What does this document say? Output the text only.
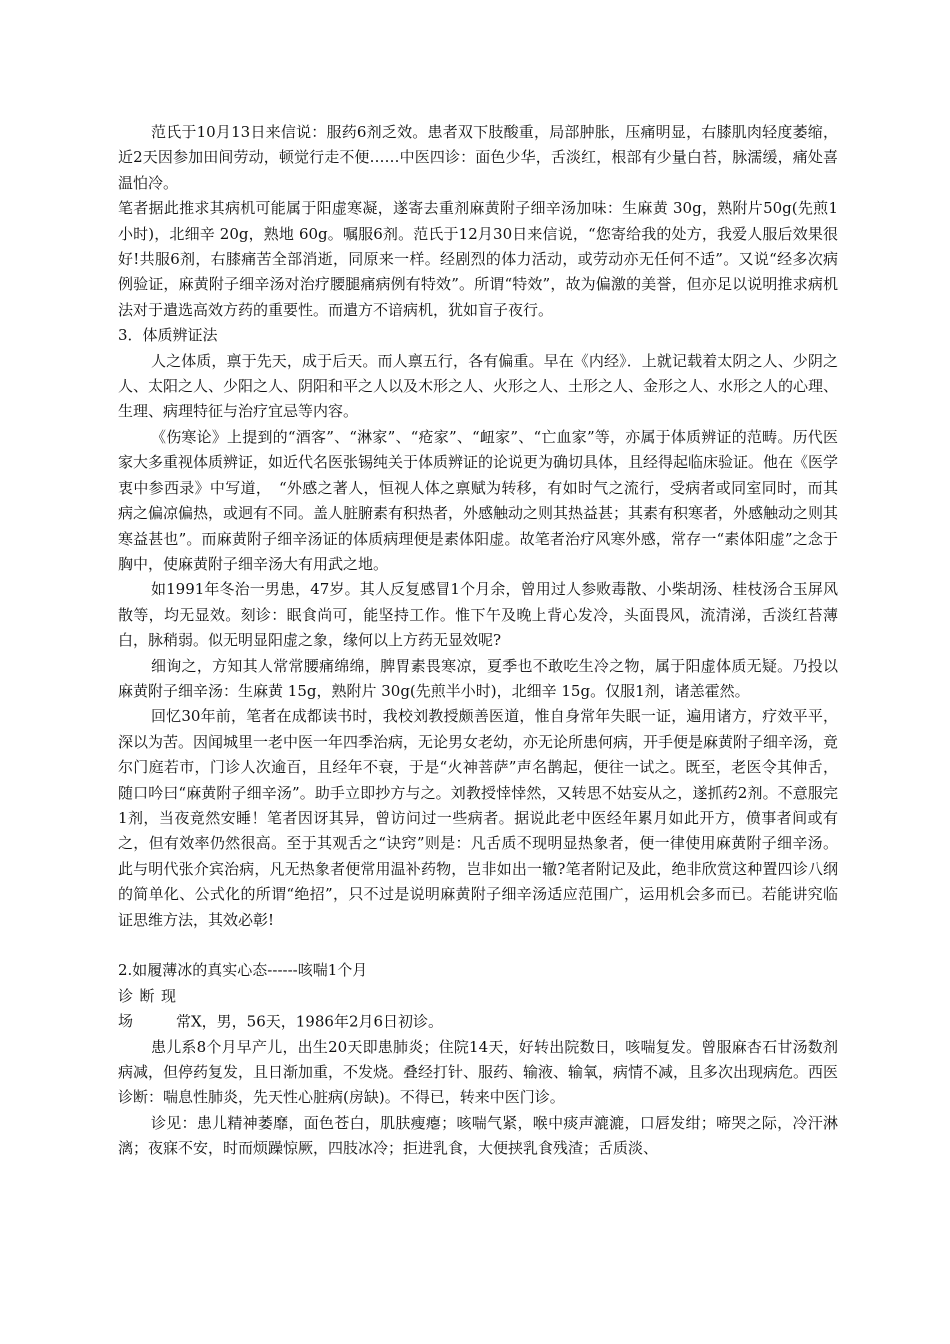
范氏于10月13日来信说：服药6剂乏效。患者双下肢酸重，局部肿胀，压痛明显，右膝肌肉轻度萎缩，近2天因参加田间劳动，顿觉行走不便……中医四诊：面色少华，舌淡红，根部有少量白苔，脉濡缓，痛处喜温怕冷。

笔者据此推求其病机可能属于阳虚寒凝，遂寄去重剂麻黄附子细辛汤加味：生麻黄 30g，熟附片50g(先煎1小时)，北细辛 20g，熟地 60g。嘱服6剂。范氏于12月30日来信说，“您寄给我的处方，我爱人服后效果很好!共服6剂，右膝痛苦全部消逝，同原来一样。经剧烈的体力活动，或劳动亦无任何不适”。又说“经多次病例验证，麻黄附子细辛汤对治疗腰腿痛病例有特效”。所谓“特效”，故为偏激的美誉，但亦足以说明推求病机法对于遣选高效方药的重要性。而遣方不谙病机，犹如盲子夜行。

3．体质辨证法

人之体质，禀于先天，成于后天。而人禀五行，各有偏重。早在《内经》．上就记载着太阴之人、少阴之人、太阳之人、少阳之人、阴阳和平之人以及木形之人、火形之人、土形之人、金形之人、水形之人的心理、生理、病理特征与治疗宜忌等内容。

《伤寒论》上提到的“酒客”、“淋家”、“疮家”、“衄家”、“亡血家”等，亦属于体质辨证的范畴。历代医家大多重视体质辨证，如近代名医张锡纯关于体质辨证的论说更为确切具体，且经得起临床验证。他在《医学衷中参西录》中写道，　“外感之著人，恒视人体之禀赋为转移，有如时气之流行，受病者或同室同时，而其病之偏凉偏热，或迥有不同。盖人脏腑素有积热者，外感触动之则其热益甚；其素有积寒者，外感触动之则其寒益甚也”。而麻黄附子细辛汤证的体质病理便是素体阳虚。故笔者治疗风寒外感，常存一“素体阳虚”之念于胸中，使麻黄附子细辛汤大有用武之地。

如1991年冬治一男患，47岁。其人反复感冒1个月余，曾用过人参败毒散、小柴胡汤、桂枝汤合玉屏风散等，均无显效。刻诊：眠食尚可，能坚持工作。惟下午及晚上背心发冷，头面畏风，流清涕，舌淡红苔薄白，脉稍弱。似无明显阳虚之象，缘何以上方药无显效呢?

细询之，方知其人常常腰痛绵绵，脾胃素畏寒凉，夏季也不敢吃生冷之物，属于阳虚体质无疑。乃投以麻黄附子细辛汤：生麻黄 15g，熟附片 30g(先煎半小时)，北细辛 15g。仅服1剂，诸恙霍然。

回忆30年前，笔者在成都读书时，我校刘教授颇善医道，惟自身常年失眠一证，遍用诸方，疗效平平，深以为苦。因闻城里一老中医一年四季治病，无论男女老幼，亦无论所患何病，开手便是麻黄附子细辛汤，竟尔门庭若市，门诊人次逾百，且经年不衰，于是“火神菩萨”声名鹊起，便往一试之。既至，老医令其伸舌，随口吟曰“麻黄附子细辛汤”。助手立即抄方与之。刘教授悻悻然，又转思不姑妄从之，遂抓药2剂。不意服完1剂，当夜竟然安睡！笔者因讶其异，曾访问过一些病者。据说此老中医经年累月如此开方，偾事者间或有之，但有效率仍然很高。至于其观舌之“诀窍”则是：凡舌质不现明显热象者，便一律使用麻黄附子细辛汤。此与明代张介宾治病，凡无热象者便常用温补药物，岂非如出一辙?笔者附记及此，绝非欣赏这种置四诊八纲的简单化、公式化的所谓“绝招”，只不过是说明麻黄附子细辛汤适应范围广，运用机会多而已。若能讲究临证思维方法，其效必彰!

2.如履薄冰的真实心态------咳喘1个月

诊断现场	常X，男，56天，1986年2月6日初诊。

患儿系8个月早产儿，出生20天即患肺炎；住院14天，好转出院数日，咳喘复发。曾服麻杏石甘汤数剂病减，但停药复发，且日渐加重，不发烧。叠经打针、服药、输液、输氧，病情不减，且多次出现病危。西医诊断：喘息性肺炎，先天性心脏病(房缺)。不得已，转来中医门诊。

诊见：患儿精神萎靡，面色苍白，肌肤瘦瘪；咳喘气紧，喉中痰声漉漉，口唇发绀；啼哭之际，冷汗淋漓；夜寐不安，时而烦躁惊厥，四肢冰冷；拒进乳食，大便挟乳食残渣；舌质淡、
